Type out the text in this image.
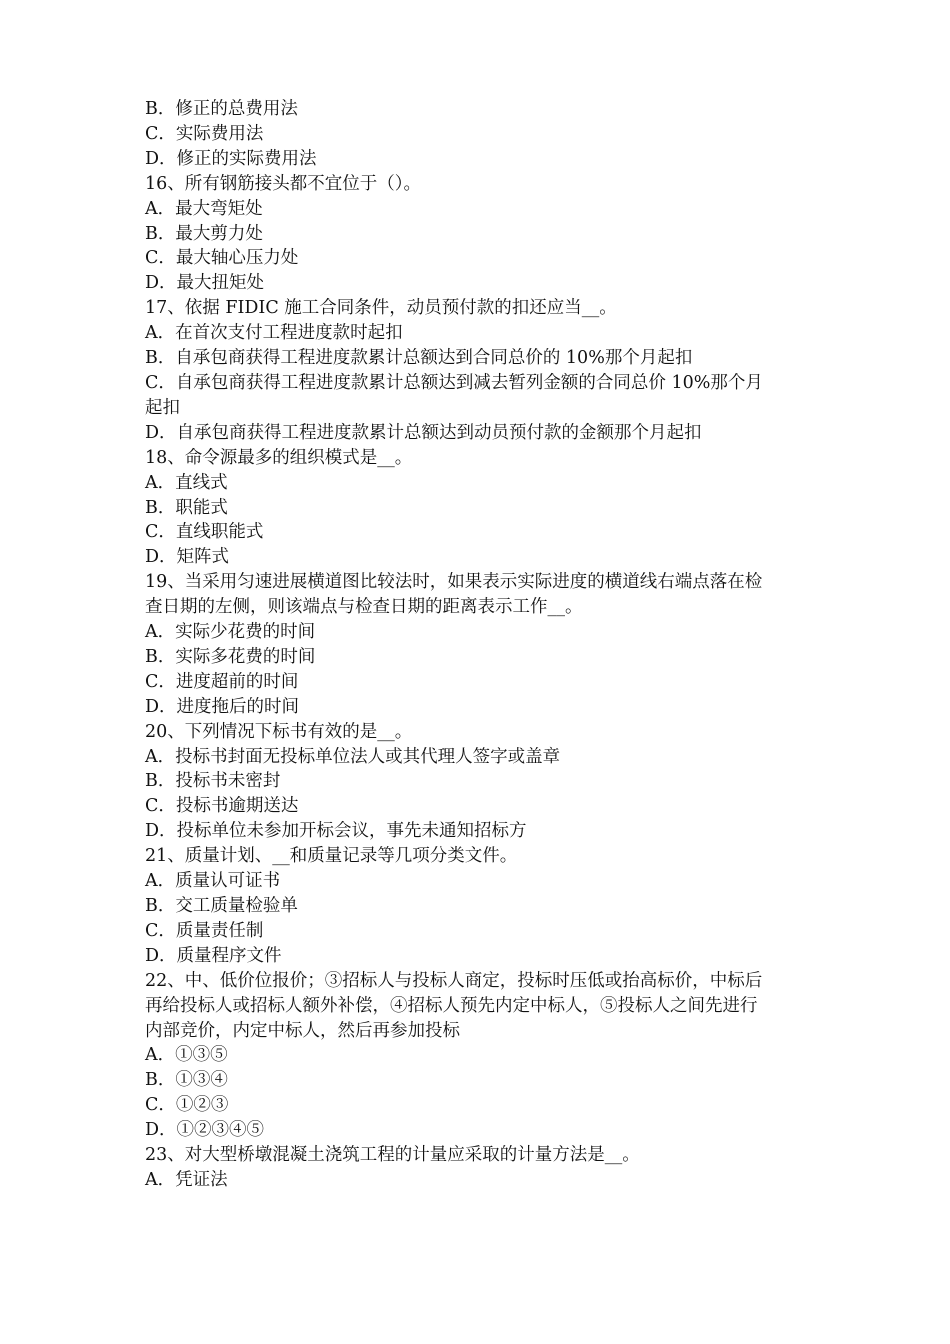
B．修正的总费用法
C．实际费用法
D．修正的实际费用法
16、所有钢筋接头都不宜位于（）。
A．最大弯矩处
B．最大剪力处
C．最大轴心压力处
D．最大扭矩处
17、依据 FIDIC 施工合同条件，动员预付款的扣还应当__。
A．在首次支付工程进度款时起扣
B．自承包商获得工程进度款累计总额达到合同总价的 10%那个月起扣
C．自承包商获得工程进度款累计总额达到减去暂列金额的合同总价 10%那个月
起扣
D．自承包商获得工程进度款累计总额达到动员预付款的金额那个月起扣
18、命令源最多的组织模式是__。
A．直线式
B．职能式
C．直线职能式
D．矩阵式
19、当采用匀速进展横道图比较法时，如果表示实际进度的横道线右端点落在检
查日期的左侧，则该端点与检查日期的距离表示工作__。
A．实际少花费的时间
B．实际多花费的时间
C．进度超前的时间
D．进度拖后的时间
20、下列情况下标书有效的是__。
A．投标书封面无投标单位法人或其代理人签字或盖章
B．投标书未密封
C．投标书逾期送达
D．投标单位未参加开标会议，事先未通知招标方
21、质量计划、__和质量记录等几项分类文件。
A．质量认可证书
B．交工质量检验单
C．质量责任制
D．质量程序文件
22、中、低价位报价；③招标人与投标人商定，投标时压低或抬高标价，中标后
再给投标人或招标人额外补偿，④招标人预先内定中标人，⑤投标人之间先进行
内部竞价，内定中标人，然后再参加投标
A．①③⑤
B．①③④
C．①②③
D．①②③④⑤
23、对大型桥墩混凝土浇筑工程的计量应采取的计量方法是__。
A．凭证法
